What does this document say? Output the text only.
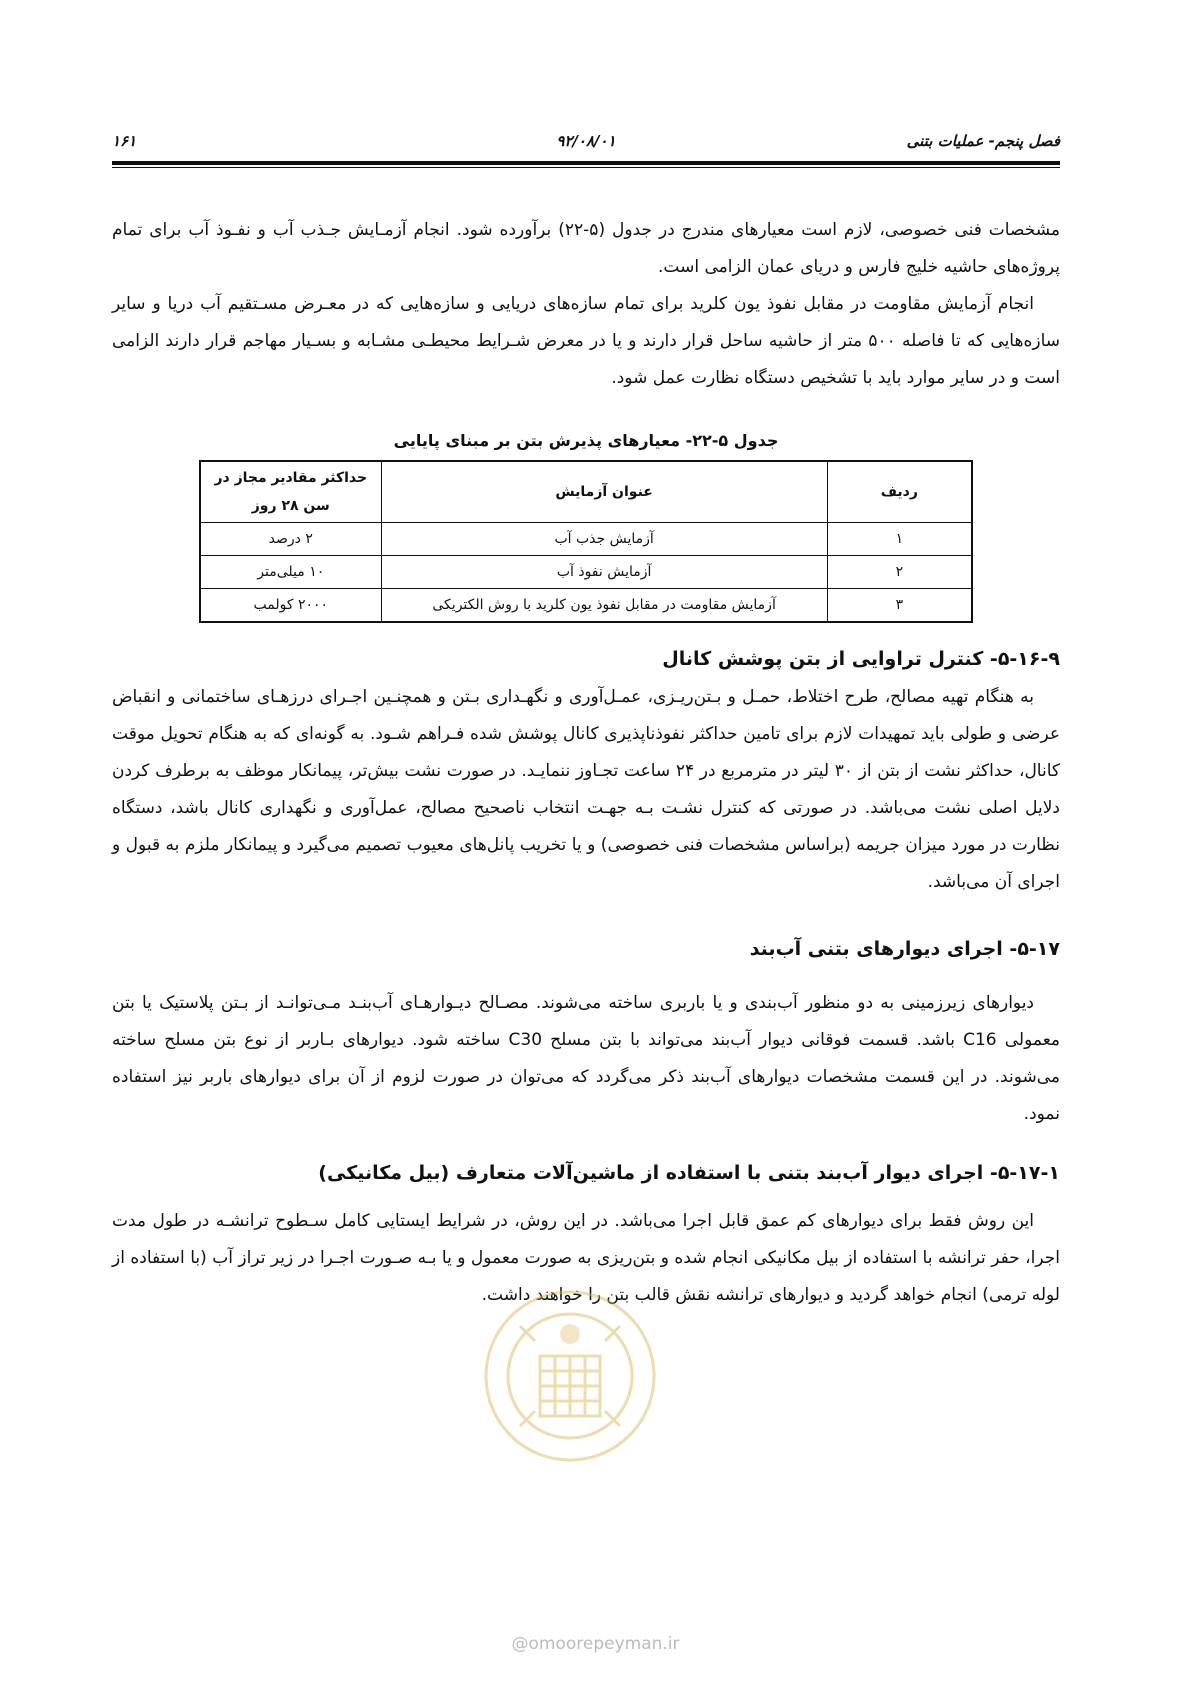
فصل پنجم- عملیات بتنی
۹۲/۰۸/۰۱
۱۶۱

مشخصات فنی خصوصی، لازم است معیارهای مندرج در جدول (۵-۲۲) برآورده شود. انجام آزمـایش جـذب آب و نفـوذ آب برای تمام پروژه‌های حاشیه خلیج فارس و دریای عمان الزامی است.

انجام آزمایش مقاومت در مقابل نفوذ یون کلرید برای تمام سازه‌های دریایی و سازه‌هایی که در معـرض مسـتقیم آب دریا و سایر سازه‌هایی که تا فاصله ۵۰۰ متر از حاشیه ساحل قرار دارند و یا در معرض شـرایط محیطـی مشـابه و بسـیار مهاجم قرار دارند الزامی است و در سایر موارد باید با تشخیص دستگاه نظارت عمل شود.

جدول ۵-۲۲- معیارهای پذیرش بتن بر مبنای پایایی
ردیف	عنوان آزمایش	حداکثر مقادیر مجاز در سن ۲۸ روز
۱	آزمایش جذب آب	۲ درصد
۲	آزمایش نفوذ آب	۱۰ میلی‌متر
۳	آزمایش مقاومت در مقابل نفوذ یون کلرید با روش الکتریکی	۲۰۰۰ کولمب
۵-۱۶-۹- کنترل تراوایی از بتن پوشش کانال

به هنگام تهیه مصالح، طرح اختلاط، حمـل و بـتن‌ریـزی، عمـل‌آوری و نگهـداری بـتن و همچنـین اجـرای درزهـای ساختمانی و انقباض عرضی و طولی باید تمهیدات لازم برای تامین حداکثر نفوذناپذیری کانال پوشش شده فـراهم شـود. به گونه‌ای که به هنگام تحویل موقت کانال، حداکثر نشت از بتن از ۳۰ لیتر در مترمربع در ۲۴ ساعت تجـاوز ننمایـد. در صورت نشت بیش‌تر، پیمانکار موظف به برطرف کردن دلایل اصلی نشت می‌باشد. در صورتی که کنترل نشـت بـه جهـت انتخاب ناصحیح مصالح، عمل‌آوری و نگهداری کانال باشد، دستگاه نظارت در مورد میزان جریمه (براساس مشخصات فنی خصوصی) و یا تخریب پانل‌های معیوب تصمیم می‌گیرد و پیمانکار ملزم به قبول و اجرای آن می‌باشد.

۵-۱۷- اجرای دیوارهای بتنی آب‌بند

دیوارهای زیرزمینی به دو منظور آب‌بندی و یا باربری ساخته می‌شوند. مصـالح دیـوارهـای آب‌بنـد مـی‌توانـد از بـتن پلاستیک یا بتن معمولی C16 باشد. قسمت فوقانی دیوار آب‌بند می‌تواند با بتن مسلح C30 ساخته شود. دیوارهای بـاربر از نوع بتن مسلح ساخته می‌شوند. در این قسمت مشخصات دیوارهای آب‌بند ذکر می‌گردد که می‌توان در صورت لزوم از آن برای دیوارهای باربر نیز استفاده نمود.

۵-۱۷-۱- اجرای دیوار آب‌بند بتنی با استفاده از ماشین‌آلات متعارف (بیل مکانیکی)

این روش فقط برای دیوارهای کم عمق قابل اجرا می‌باشد. در این روش، در شرایط ایستایی کامل سـطوح ترانشـه در طول مدت اجرا، حفر ترانشه با استفاده از بیل مکانیکی انجام شده و بتن‌ریزی به صورت معمول و یا بـه صـورت اجـرا در زیر تراز آب (با استفاده از لوله ترمی) انجام خواهد گردید و دیوارهای ترانشه نقش قالب بتن را خواهند داشت.

@omoorepeyman.ir
